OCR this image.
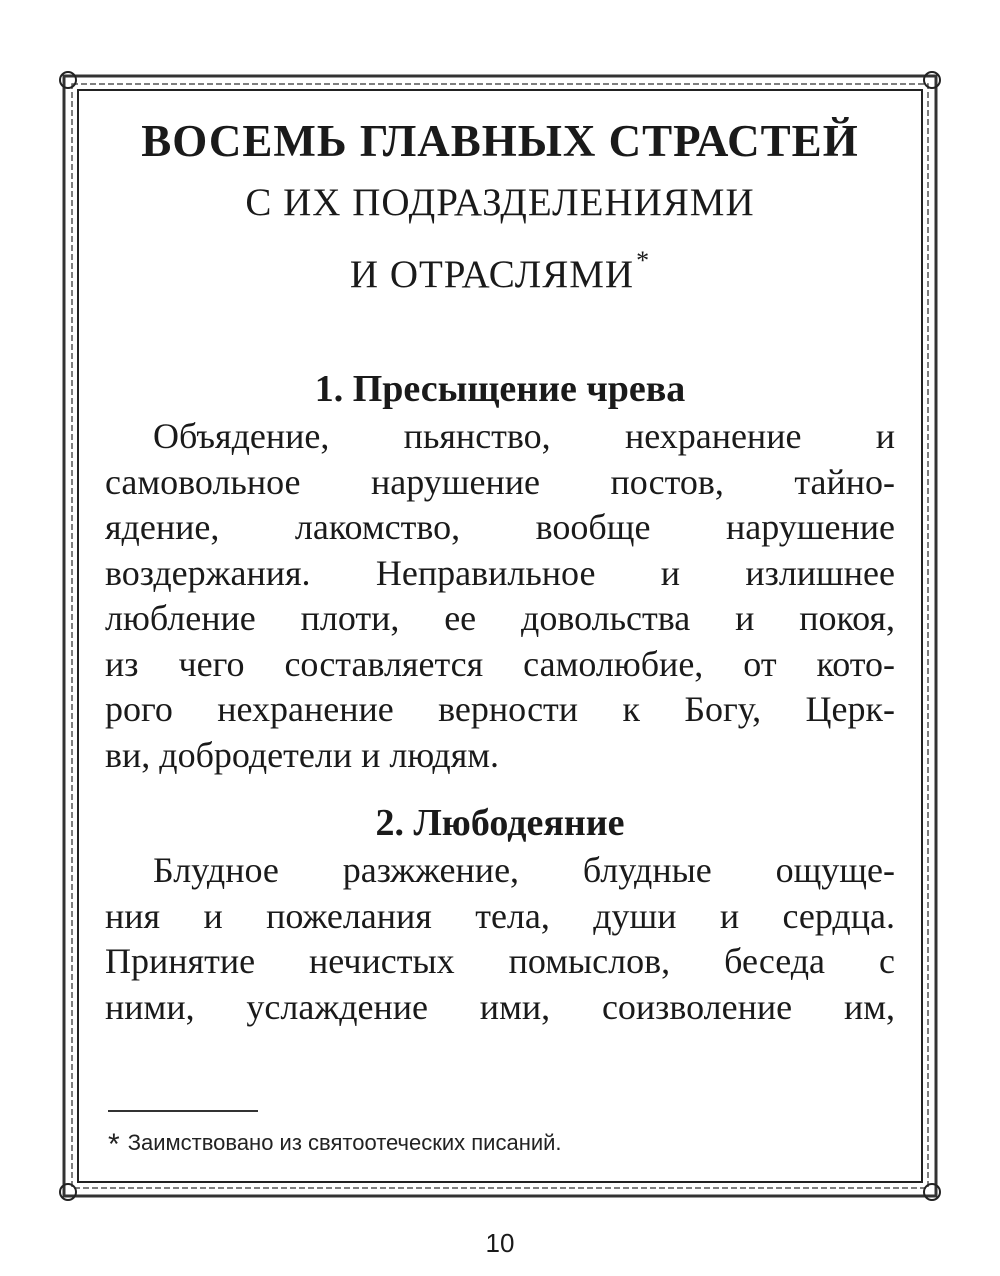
ВОСЕМЬ ГЛАВНЫХ СТРАСТЕЙ
С ИХ ПОДРАЗДЕЛЕНИЯМИ
И ОТРАСЛЯМИ*
1. Пресыщение чрева

Объядение, пьянство, нехранение и
самовольное нарушение постов, тайно-
ядение, лакомство, вообще нарушение
воздержания. Неправильное и излишнее
любление плоти, ее довольства и покоя,
из чего составляется самолюбие, от кото-
рого нехранение верности к Богу, Церк-
ви, добродетели и людям.

2. Любодеяние

Блудное разжжение, блудные ощуще-
ния и пожелания тела, души и сердца.
Принятие нечистых помыслов, беседа с
ними, услаждение ими, соизволение им,

* Заимствовано из святоотеческих писаний.
10
